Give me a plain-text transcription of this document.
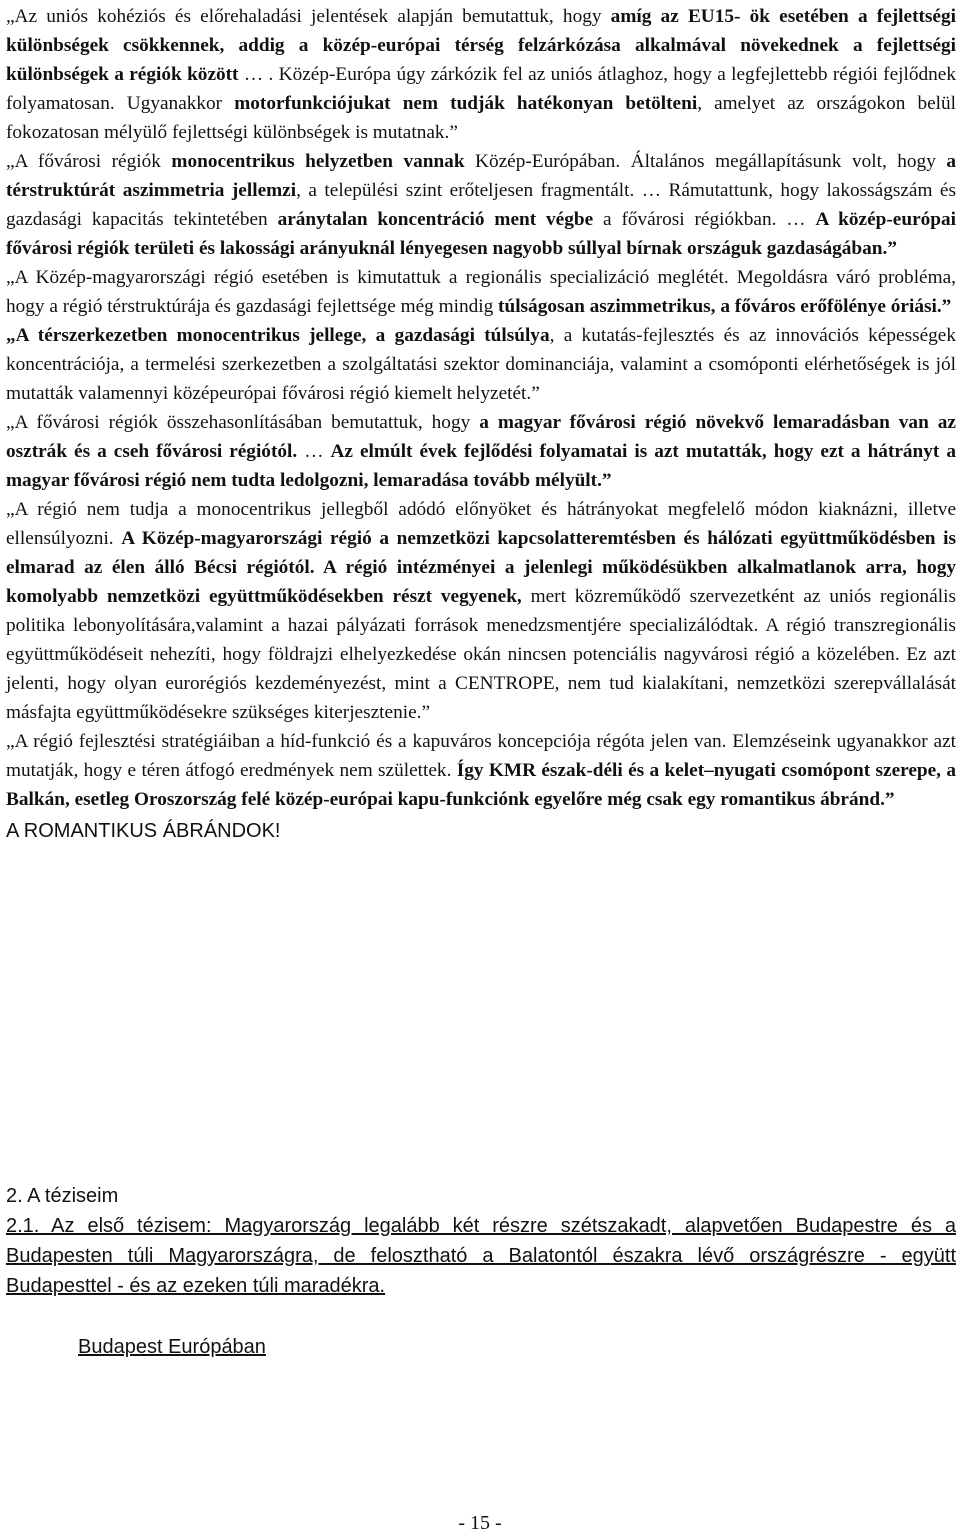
„Az uniós kohéziós és előrehaladási jelentések alapján bemutattuk, hogy amíg az EU15- ök esetében a fejlettségi különbségek csökkennek, addig a közép-európai térség felzárkózása alkalmával növekednek a fejlettségi különbségek a régiók között … . Közép-Európa úgy zárkózik fel az uniós átlaghoz, hogy a legfejlettebb régiói fejlődnek folyamatosan. Ugyanakkor motorfunkciójukat nem tudják hatékonyan betölteni, amelyet az országokon belül fokozatosan mélyülő fejlettségi különbségek is mutatnak.”

„A fővárosi régiók monocentrikus helyzetben vannak Közép-Európában. Általános megállapításunk volt, hogy a térstruktúrát aszimmetria jellemzi, a települési szint erőteljesen fragmentált. … Rámutattunk, hogy lakosságszám és gazdasági kapacitás tekintetében aránytalan koncentráció ment végbe a fővárosi régiókban. … A közép-európai fővárosi régiók területi és lakossági arányuknál lényegesen nagyobb súllyal bírnak országuk gazdaságában.”

„A Közép-magyarországi régió esetében is kimutattuk a regionális specializáció meglétét. Megoldásra váró probléma, hogy a régió térstruktúrája és gazdasági fejlettsége még mindig túlságosan aszimmetrikus, a főváros erőfölénye óriási.”

„A térszerkezetben monocentrikus jellege, a gazdasági túlsúlya, a kutatás-fejlesztés és az innovációs képességek koncentrációja, a termelési szerkezetben a szolgáltatási szektor dominanciája, valamint a csomóponti elérhetőségek is jól mutatták valamennyi középeurópai fővárosi régió kiemelt helyzetét.”

„A fővárosi régiók összehasonlításában bemutattuk, hogy a magyar fővárosi régió növekvő lemaradásban van az osztrák és a cseh fővárosi régiótól. … Az elmúlt évek fejlődési folyamatai is azt mutatták, hogy ezt a hátrányt a magyar fővárosi régió nem tudta ledolgozni, lemaradása tovább mélyült.”

„A régió nem tudja a monocentrikus jellegből adódó előnyöket és hátrányokat megfelelő módon kiaknázni, illetve ellensúlyozni. A Közép-magyarországi régió a nemzetközi kapcsolatteremtésben és hálózati együttműködésben is elmarad az élen álló Bécsi régiótól. A régió intézményei a jelenlegi működésükben alkalmatlanok arra, hogy komolyabb nemzetközi együttműködésekben részt vegyenek, mert közreműködő szervezetként az uniós regionális politika lebonyolítására,valamint a hazai pályázati források menedzsmentjére specializálódtak. A régió transzregionális együttműködéseit nehezíti, hogy földrajzi elhelyezkedése okán nincsen potenciális nagyvárosi régió a közelében. Ez azt jelenti, hogy olyan eurorégiós kezdeményezést, mint a CENTROPE, nem tud kialakítani, nemzetközi szerepvállalását másfajta együttműködésekre szükséges kiterjesztenie.”

„A régió fejlesztési stratégiáiban a híd-funkció és a kapuváros koncepciója régóta jelen van. Elemzéseink ugyanakkor azt mutatják, hogy e téren átfogó eredmények nem születtek. Így KMR észak-déli és a kelet–nyugati csomópont szerepe, a Balkán, esetleg Oroszország felé közép-európai kapu-funkciónk egyelőre még csak egy romantikus ábránd.”

A ROMANTIKUS ÁBRÁNDOK!

2. A téziseim

2.1. Az első tézisem: Magyarország legalább két részre szétszakadt, alapvetően Budapestre és a Budapesten túli Magyarországra, de felosztható a Balatontól északra lévő országrészre - együtt Budapesttel - és az ezeken túli maradékra.

Budapest Európában

- 15 -
